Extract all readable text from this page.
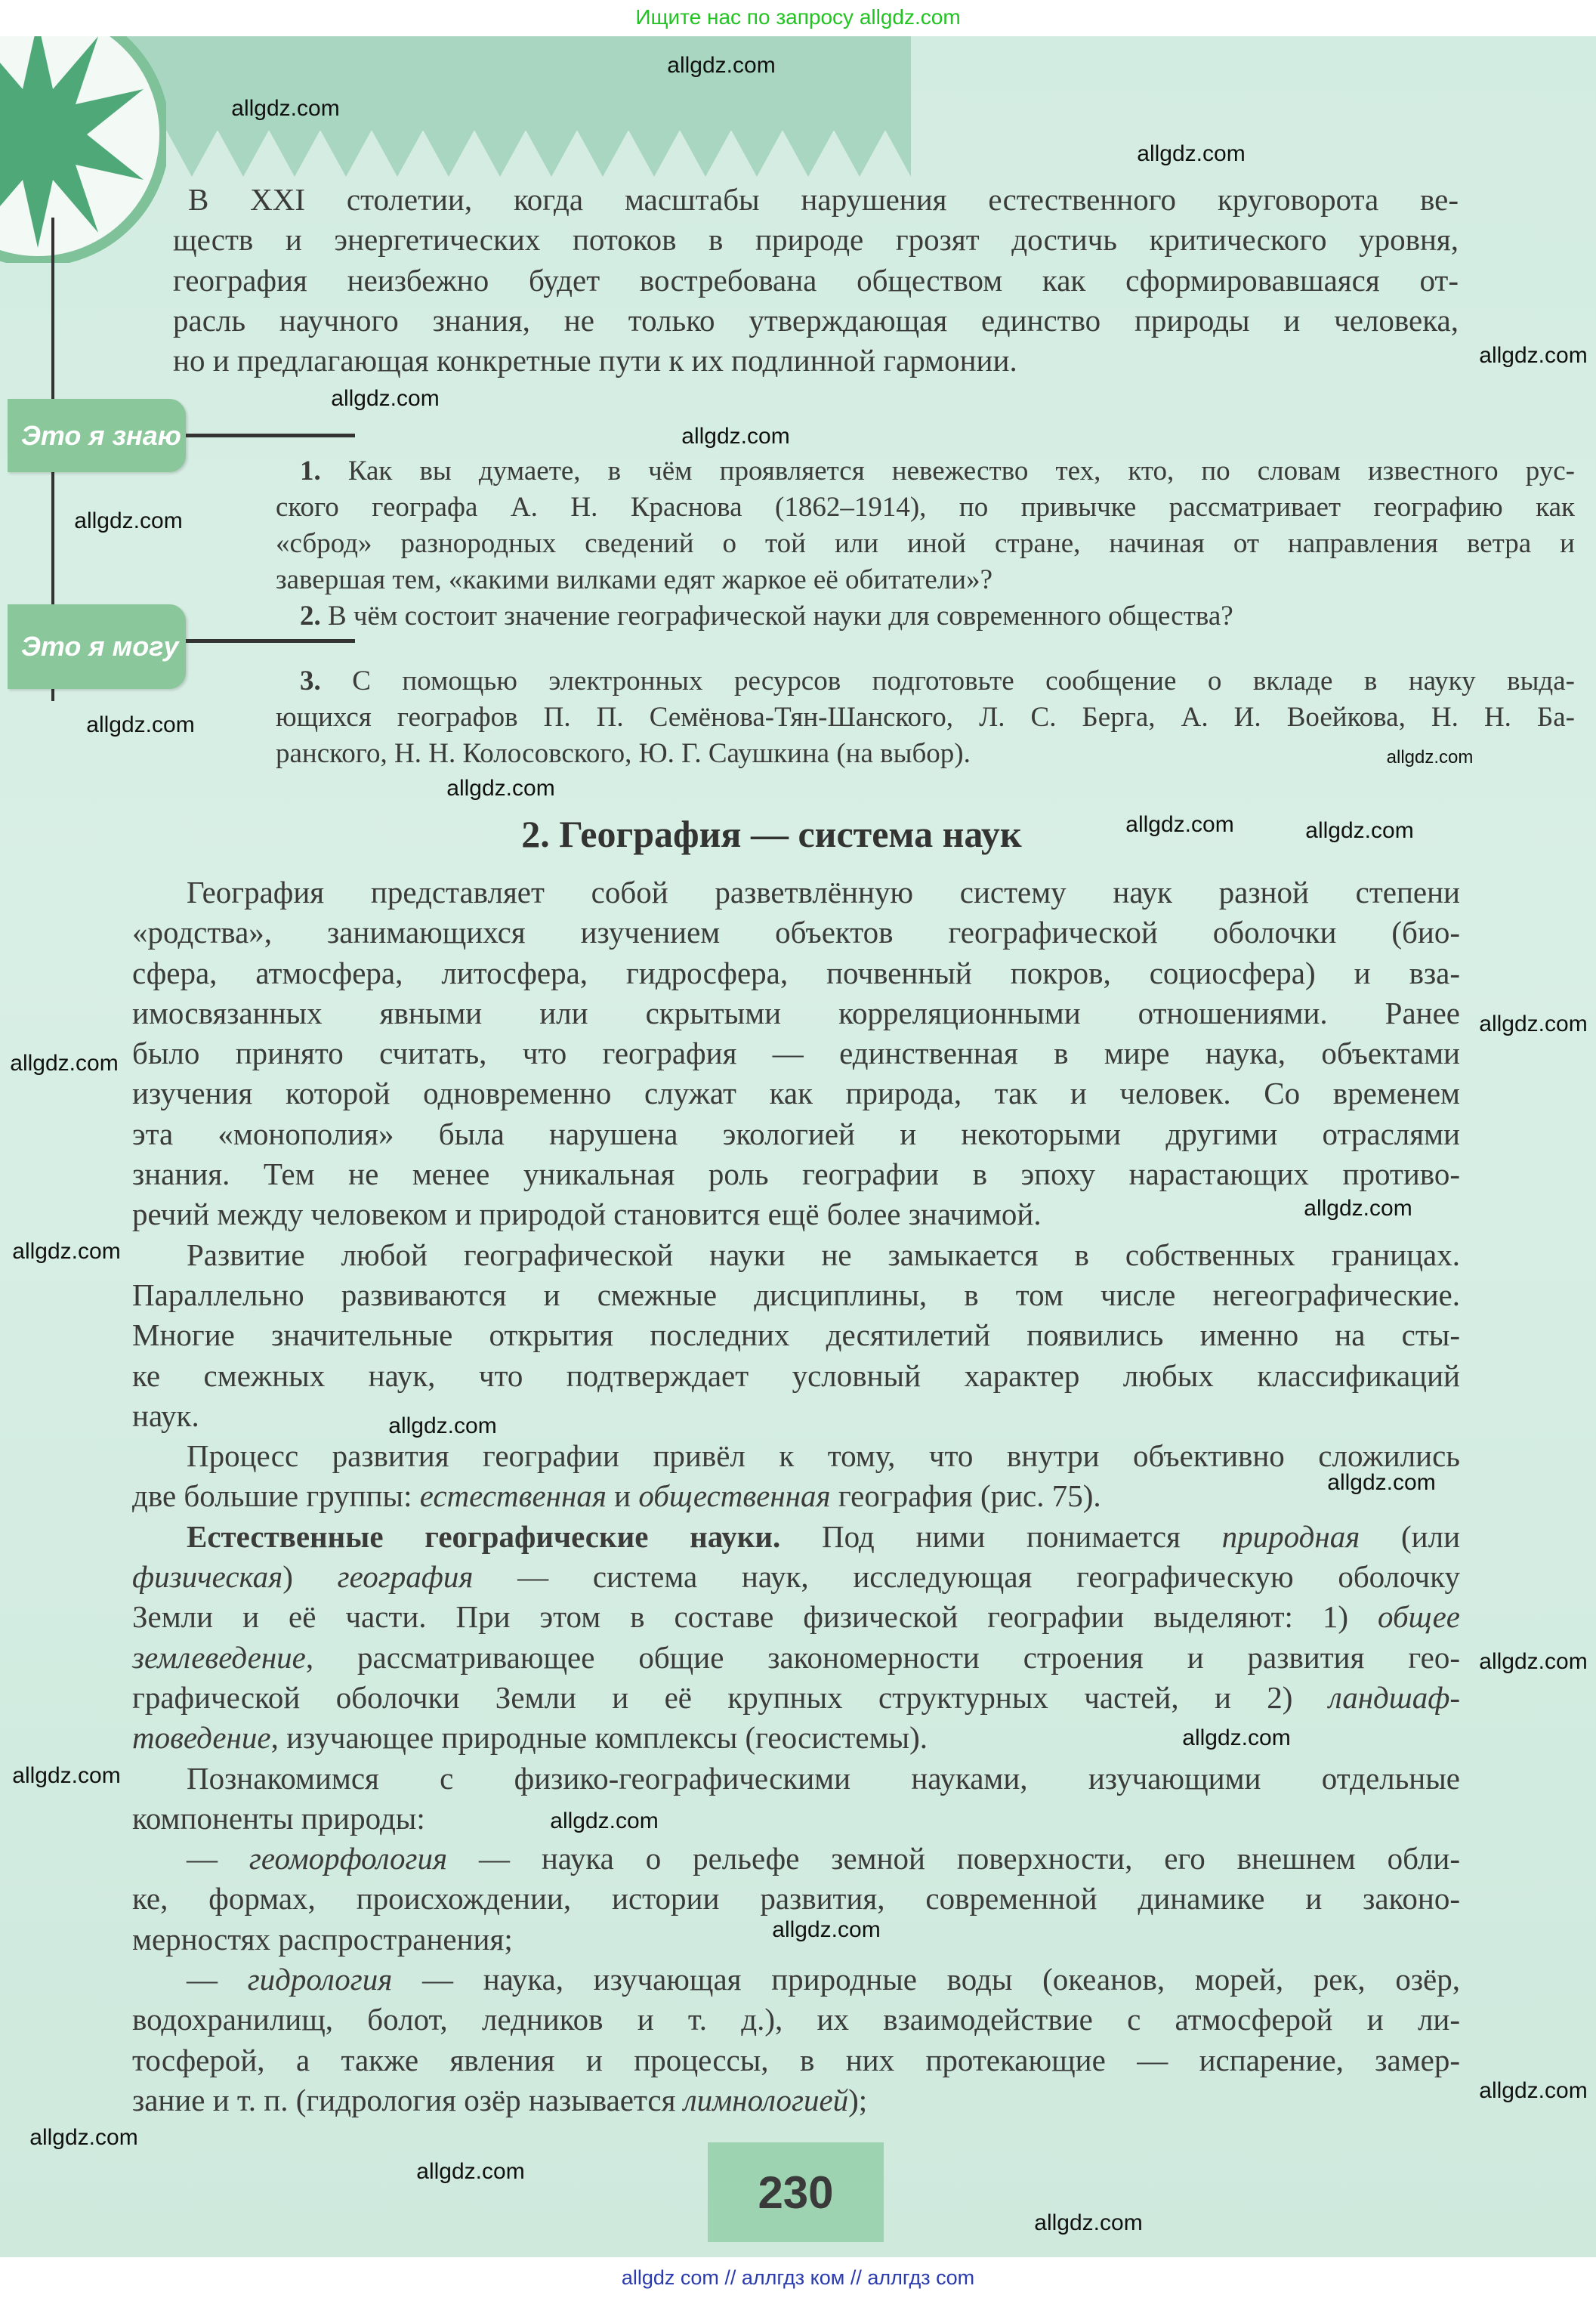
Ищите нас по запросу allgdz.com
Это я знаю
Это я могу
В XXI столетии, когда масштабы нарушения естественного круговорота ве-
ществ и энергетических потоков в природе грозят достичь критического уровня,
география неизбежно будет востребована обществом как сформировавшаяся от-
расль научного знания, не только утверждающая единство природы и человека,
но и предлагающая конкретные пути к их подлинной гармонии.
1. Как вы думаете, в чём проявляется невежество тех, кто, по словам известного рус-
ского географа А. Н. Краснова (1862–1914), по привычке рассматривает географию как
«сброд» разнородных сведений о той или иной стране, начиная от направления ветра и
завершая тем, «какими вилками едят жаркое её обитатели»?
2. В чём состоит значение географической науки для современного общества?
3. С помощью электронных ресурсов подготовьте сообщение о вкладе в науку выда-
ющихся географов П. П. Семёнова-Тян-Шанского, Л. С. Берга, А. И. Воейкова, Н. Н. Ба-
ранского, Н. Н. Колосовского, Ю. Г. Саушкина (на выбор).
2. География — система наук
География представляет собой разветвлённую систему наук разной степени
«родства», занимающихся изучением объектов географической оболочки (био-
сфера, атмосфера, литосфера, гидросфера, почвенный покров, социосфера) и вза-
имосвязанных явными или скрытыми корреляционными отношениями. Ранее
было принято считать, что география — единственная в мире наука, объектами
изучения которой одновременно служат как природа, так и человек. Со временем
эта «монополия» была нарушена экологией и некоторыми другими отраслями
знания. Тем не менее уникальная роль географии в эпоху нарастающих противо-
речий между человеком и природой становится ещё более значимой.
Развитие любой географической науки не замыкается в собственных границах.
Параллельно развиваются и смежные дисциплины, в том числе негеографические.
Многие значительные открытия последних десятилетий появились именно на сты-
ке смежных наук, что подтверждает условный характер любых классификаций
наук.
Процесс развития географии привёл к тому, что внутри объективно сложились
две большие группы: естественная и общественная география (рис. 75).
Естественные географические науки. Под ними понимается природная (или
физическая) география — система наук, исследующая географическую оболочку
Земли и её части. При этом в составе физической географии выделяют: 1) общее
землеведение, рассматривающее общие закономерности строения и развития гео-
графической оболочки Земли и её крупных структурных частей, и 2) ландшаф-
товедение, изучающее природные комплексы (геосистемы).
Познакомимся с физико-географическими науками, изучающими отдельные
компоненты природы:
— геоморфология — наука о рельефе земной поверхности, его внешнем обли-
ке, формах, происхождении, истории развития, современной динамике и законо-
мерностях распространения;
— гидрология — наука, изучающая природные воды (океанов, морей, рек, озёр,
водохранилищ, болот, ледников и т. д.), их взаимодействие с атмосферой и ли-
тосферой, а также явления и процессы, в них протекающие — испарение, замер-
зание и т. п. (гидрология озёр называется лимнологией);
230
allgdz com // аллгдз ком // аллгдз com
allgdz.com
allgdz.com
allgdz.com
allgdz.com
allgdz.com
allgdz.com
allgdz.com
allgdz.com
allgdz.com
allgdz.com
allgdz.com	allgdz.com
allgdz.com
allgdz.com
allgdz.com
allgdz.com
allgdz.com
allgdz.com
allgdz.com
allgdz.com
allgdz.com
allgdz.com
allgdz.com
allgdz.com
allgdz.com
allgdz.com
allgdz.com
